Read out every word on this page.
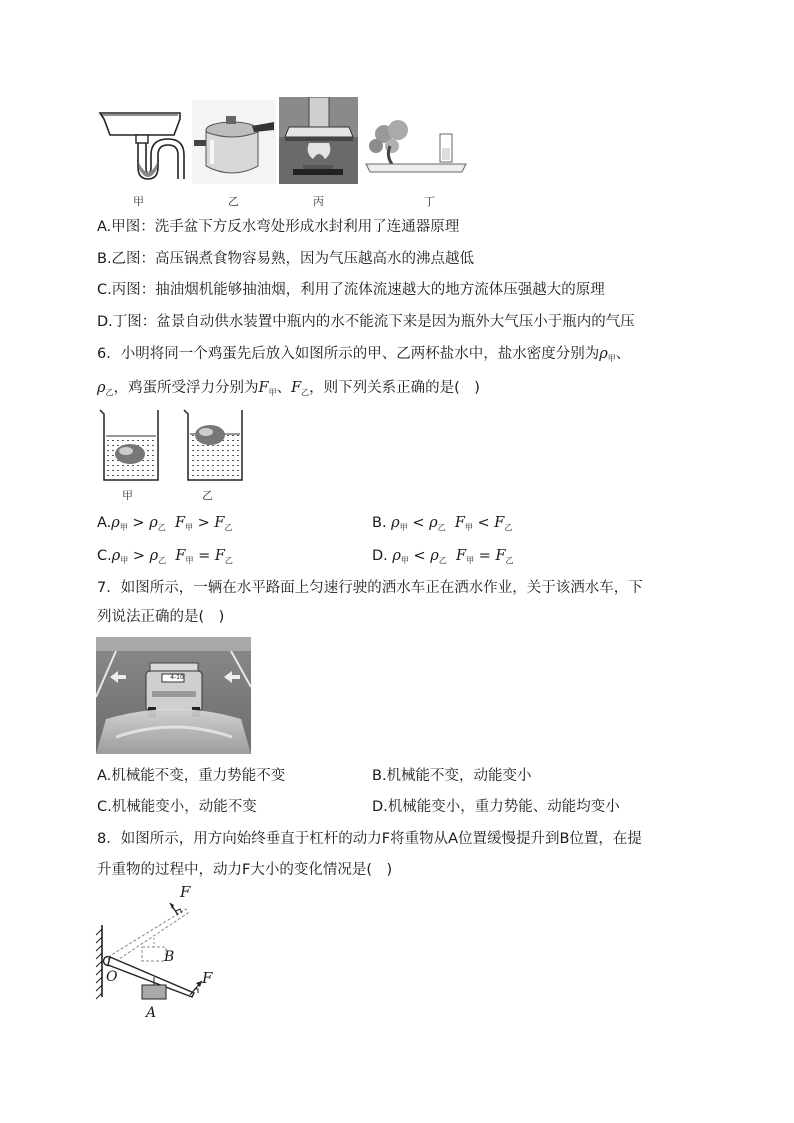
甲	乙	丙	丁
A.甲图：洗手盆下方反水弯处形成水封利用了连通器原理
B.乙图：高压锅煮食物容易熟，因为气压越高水的沸点越低
C.丙图：抽油烟机能够抽油烟，利用了流体流速越大的地方流体压强越大的原理
D.丁图：盆景自动供水装置中瓶内的水不能流下来是因为瓶外大气压小于瓶内的气压
6．小明将同一个鸡蛋先后放入如图所示的甲、乙两杯盐水中，盐水密度分别为$\rho_甲$、
$\rho_乙$，鸡蛋所受浮力分别为$F_甲$、$F_乙$，则下列关系正确的是(　)
甲	乙
$A.\rho_甲 > \rho_乙$ $F_甲 > F_乙$	B. $\rho_甲 < \rho_乙$ $F_甲 < F_乙$
$C.\rho_甲 > \rho_乙$ $F_甲 = F_乙$	D. $\rho_甲 < \rho_乙$ $F_甲 = F_乙$
7．如图所示，一辆在水平路面上匀速行驶的洒水车正在洒水作业，关于该洒水车，下
列说法正确的是(　)
4-10
A.机械能不变，重力势能不变	B.机械能不变，动能变小
C.机械能变小，动能不变	D.机械能变小，重力势能、动能均变小
8．如图所示，用方向始终垂直于杠杆的动力F将重物从A位置缓慢提升到B位置，在提
升重物的过程中，动力F大小的变化情况是(　)
F
F
O
B
A
